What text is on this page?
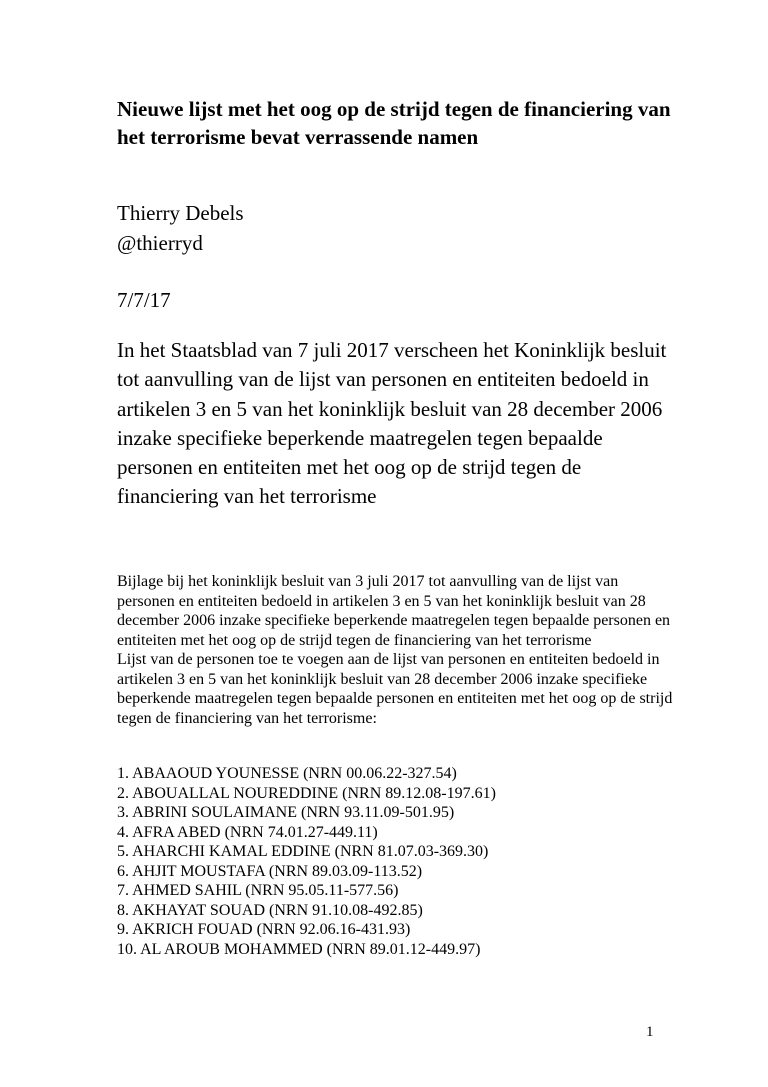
Nieuwe lijst met het oog op de strijd tegen de financiering van het terrorisme bevat verrassende namen
Thierry Debels
@thierryd
7/7/17

In het Staatsblad van 7 juli 2017 verscheen het Koninklijk besluit tot aanvulling van de lijst van personen en entiteiten bedoeld in artikelen 3 en 5 van het koninklijk besluit van 28 december 2006 inzake specifieke beperkende maatregelen tegen bepaalde personen en entiteiten met het oog op de strijd tegen de financiering van het terrorisme

Bijlage bij het koninklijk besluit van 3 juli 2017 tot aanvulling van de lijst van personen en entiteiten bedoeld in artikelen 3 en 5 van het koninklijk besluit van 28 december 2006 inzake specifieke beperkende maatregelen tegen bepaalde personen en entiteiten met het oog op de strijd tegen de financiering van het terrorisme
Lijst van de personen toe te voegen aan de lijst van personen en entiteiten bedoeld in artikelen 3 en 5 van het koninklijk besluit van 28 december 2006 inzake specifieke beperkende maatregelen tegen bepaalde personen en entiteiten met het oog op de strijd tegen de financiering van het terrorisme:
1. ABAAOUD YOUNESSE (NRN 00.06.22-327.54)
2. ABOUALLAL NOUREDDINE (NRN 89.12.08-197.61)
3. ABRINI SOULAIMANE (NRN 93.11.09-501.95)
4. AFRA ABED (NRN 74.01.27-449.11)
5. AHARCHI KAMAL EDDINE (NRN 81.07.03-369.30)
6. AHJIT MOUSTAFA (NRN 89.03.09-113.52)
7. AHMED SAHIL (NRN 95.05.11-577.56)
8. AKHAYAT SOUAD (NRN 91.10.08-492.85)
9. AKRICH FOUAD (NRN 92.06.16-431.93)
10. AL AROUB MOHAMMED (NRN 89.01.12-449.97)
1
